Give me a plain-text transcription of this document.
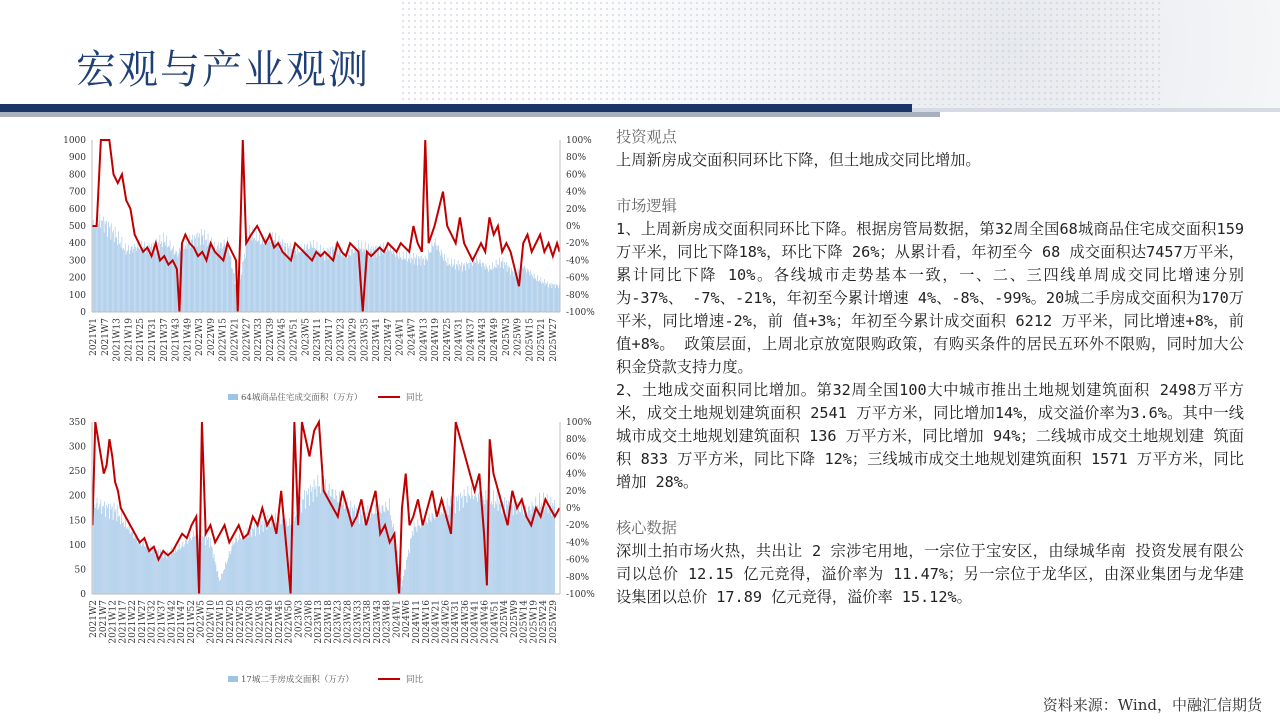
宏观与产业观测
1000
900
800
700
600
500
400
300
200
100
0
100%
80%
60%
40%
20%
0%
-20%
-40%
-60%
-80%
-100%
2021W1 2021W7 2021W13 2021W19 2021W25 2021W31 2021W37 2021W43 2021W49 2022W3 2022W9 2022W15 2022W21 2022W27 2022W33 2022W39 2022W45 2022W51 2023W5 2023W11 2023W17 2023W23 2023W29 2023W35 2023W41 2023W47 2024W1 2024W7 2024W13 2024W19 2024W25 2024W31 2024W37 2024W43 2024W49 2025W3 2025W9 2025W15 2025W21 2025W27
64城商品住宅成交面积（万方）	同比
350
300
250
200
150
100
50
0
100%
80%
60%
40%
20%
0%
-20%
-40%
-60%
-80%
-100%
2021W2 2021W7 2021W12 2021W17 2021W22 2021W27 2021W32 2021W37 2021W42 2021W47 2021W52 2022W5 2022W10 2022W15 2022W20 2022W25 2022W30 2022W35 2022W40 2022W45 2022W50 2023W3 2023W8 2023W13 2023W18 2023W23 2023W28 2023W33 2023W38 2023W43 2023W48 2024W1 2024W6 2024W11 2024W16 2024W21 2024W26 2024W31 2024W36 2024W41 2024W46 2024W51 2025W4 2025W9 2025W14 2025W19 2025W24 2025W29
17城二手房成交面积（万方）	同比
投资观点

上周新房成交面积同环比下降，但土地成交同比增加。

市场逻辑

1、上周新房成交面积同环比下降。根据房管局数据，第32周全国68城商品住宅成交面积159万平米，同比下降18%，环比下降 26%；从累计看，年初至今 68 成交面积达7457万平米，累计同比下降 10%。各线城市走势基本一致，一、二、三四线单周成交同比增速分别为-37%、 -7%、-21%，年初至今累计增速 4%、-8%、-99%。20城二手房成交面积为170万平米，同比增速-2%，前 值+3%；年初至今累计成交面积 6212 万平米，同比增速+8%，前值+8%。 政策层面，上周北京放宽限购政策，有购买条件的居民五环外不限购，同时加大公积金贷款支持力度。

2、土地成交面积同比增加。第32周全国100大中城市推出土地规划建筑面积 2498万平方米，成交土地规划建筑面积 2541 万平方米，同比增加14%，成交溢价率为3.6%。其中一线城市成交土地规划建筑面积 136 万平方米，同比增加 94%；二线城市成交土地规划建 筑面积 833 万平方米，同比下降 12%；三线城市成交土地规划建筑面积 1571 万平方米，同比增加 28%。

核心数据

深圳土拍市场火热，共出让 2 宗涉宅用地，一宗位于宝安区，由绿城华南 投资发展有限公司以总价 12.15 亿元竞得，溢价率为 11.47%；另一宗位于龙华区，由深业集团与龙华建设集团以总价 17.89 亿元竞得，溢价率 15.12%。

资料来源：Wind，中融汇信期货
